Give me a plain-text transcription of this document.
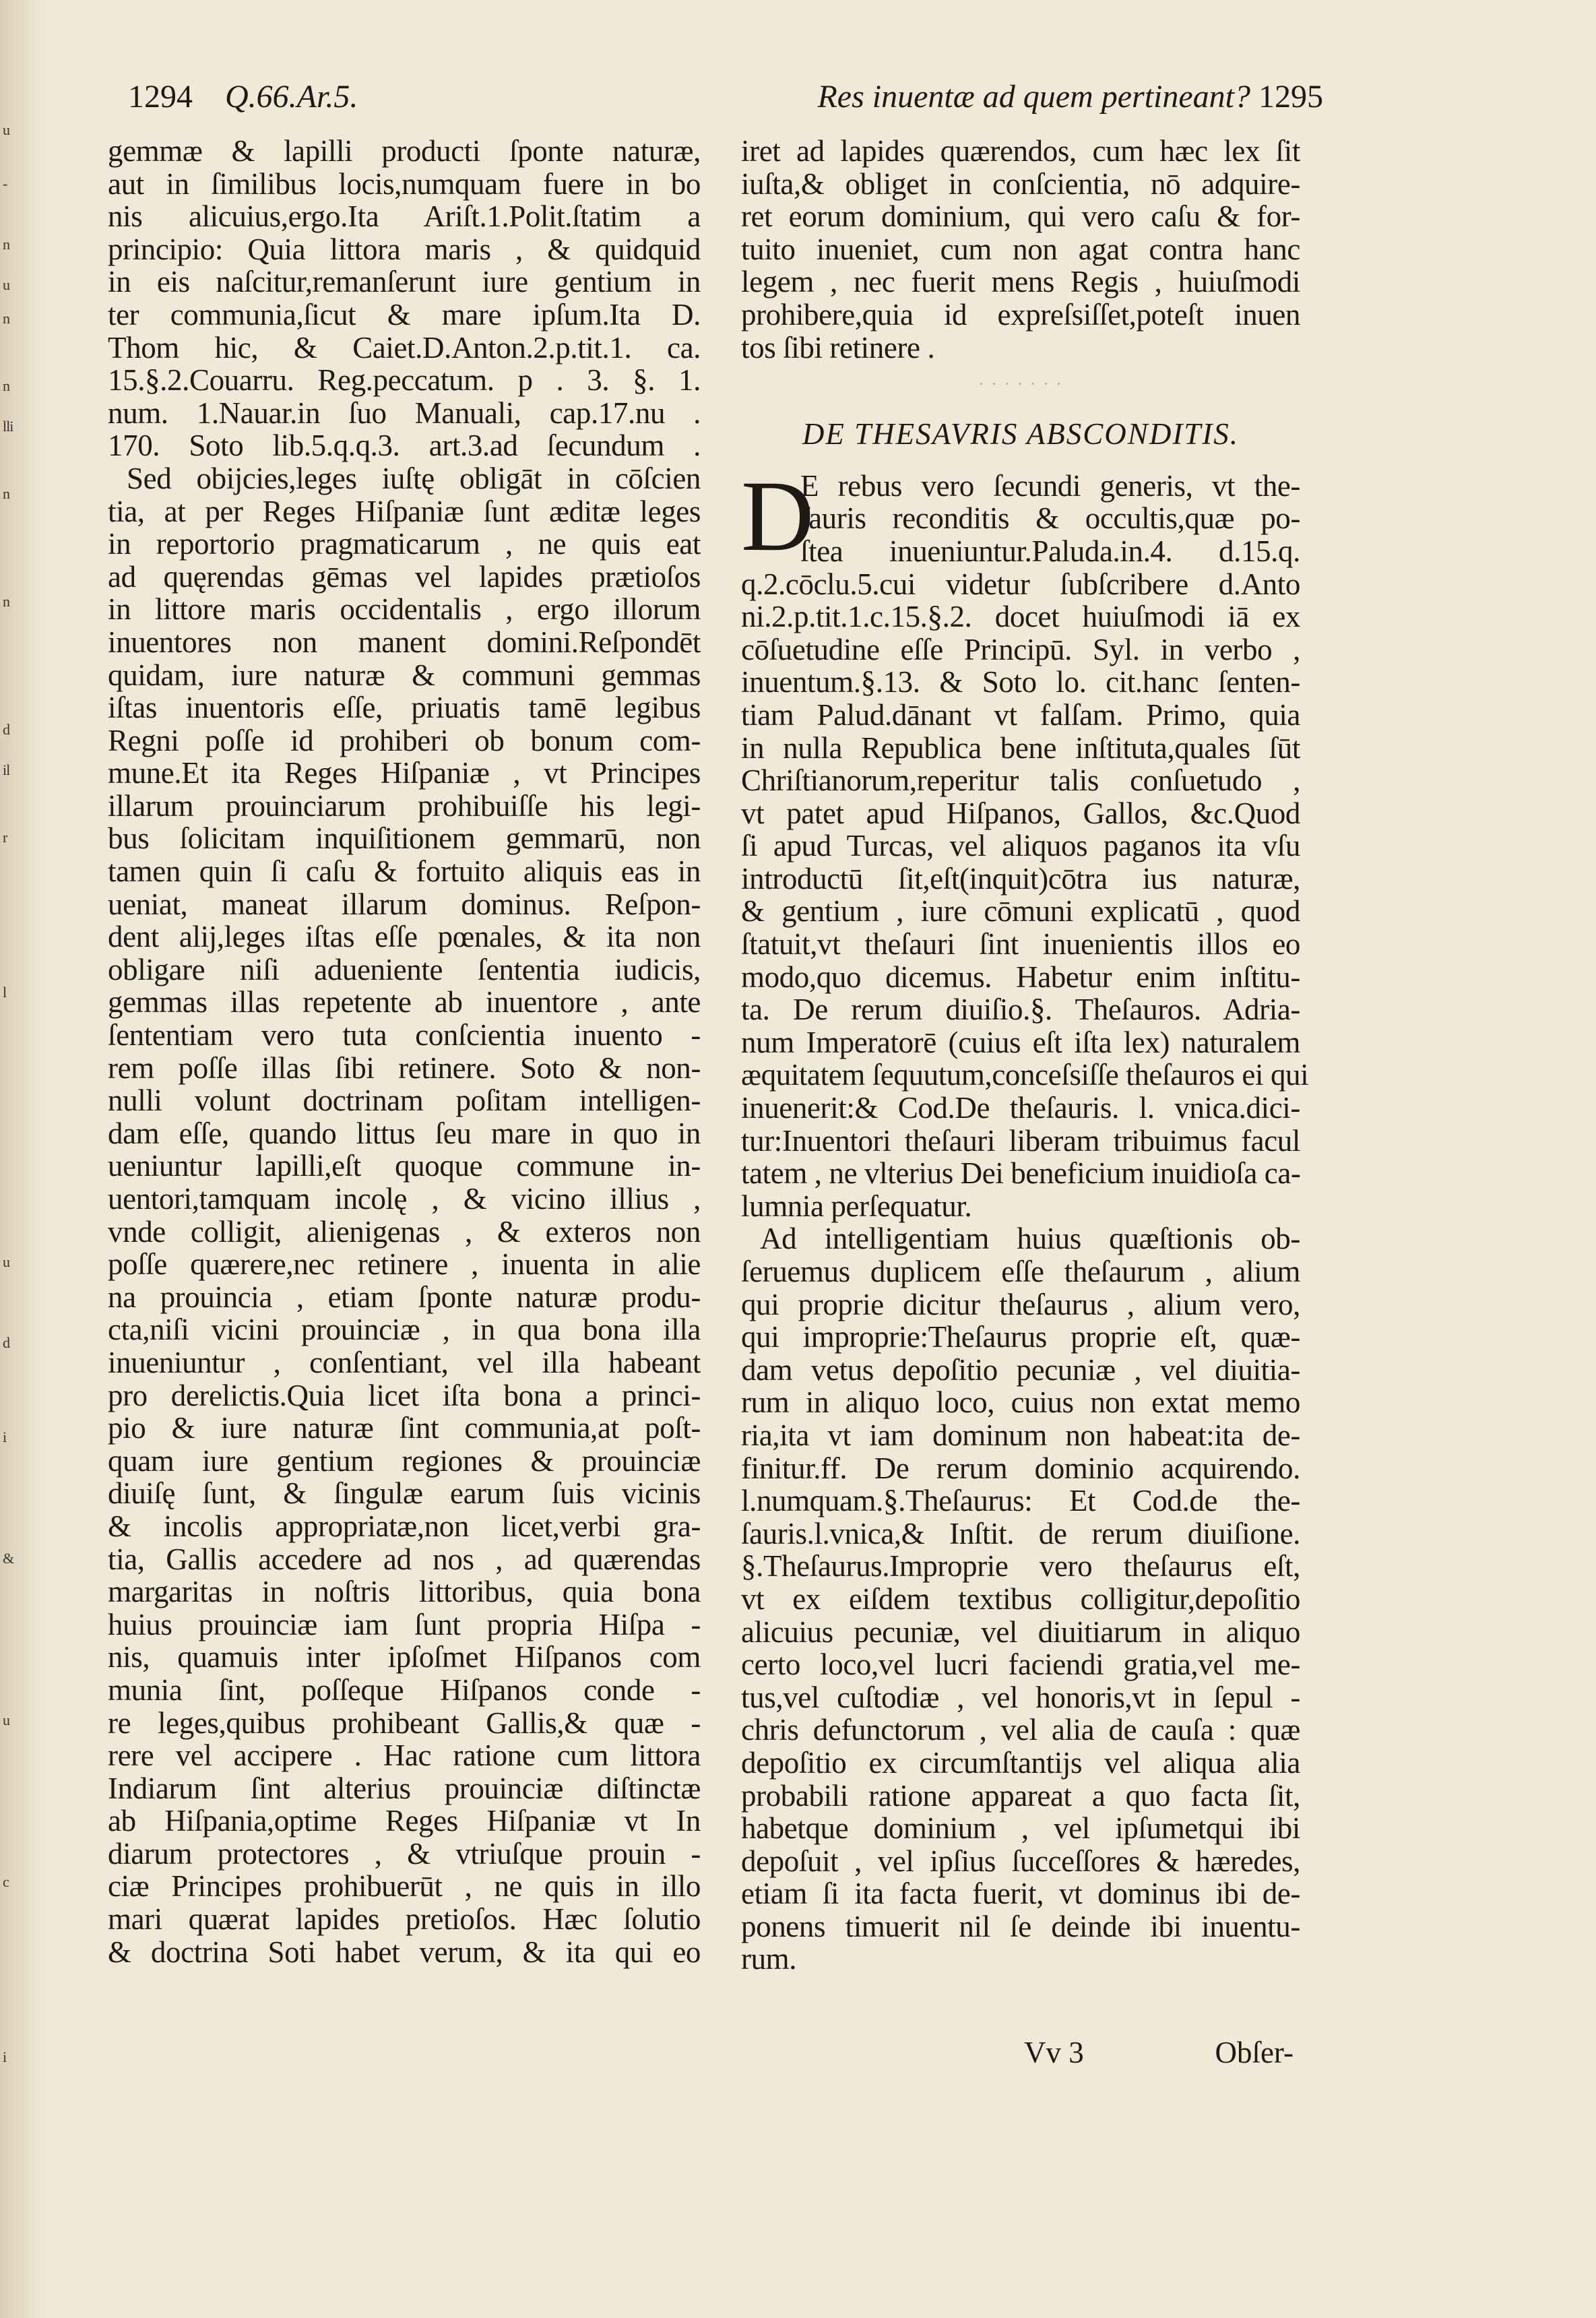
u
-
n
u
n
n
lli
n
n
d
il
r
l
u
d
i
&
u
c
i
1294 Q.66.Ar.5.	Res inuentæ ad quem pertineant? 1295
gemmæ & lapilli producti ſponte naturæ,
aut in ſimilibus locis,numquam fuere in bo
nis alicuius,ergo.Ita Ariſt.1.Polit.ſtatim a
principio: Quia littora maris , & quidquid
in eis naſcitur,remanſerunt iure gentium in
ter communia,ſicut & mare ipſum.Ita D.
Thom hic, & Caiet.D.Anton.2.p.tit.1. ca.
15.§.2.Couarru. Reg.peccatum. p . 3. §. 1.
num. 1.Nauar.in ſuo Manuali, cap.17.nu .
170. Soto lib.5.q.q.3. art.3.ad ſecundum .
Sed obijcies,leges iuſtę obligāt in cōſcien
tia, at per Reges Hiſpaniæ ſunt æditæ leges
in reportorio pragmaticarum , ne quis eat
ad quęrendas gēmas vel lapides prætioſos
in littore maris occidentalis , ergo illorum
inuentores non manent domini.Reſpondēt
quidam, iure naturæ & communi gemmas
iſtas inuentoris eſſe, priuatis tamē legibus
Regni poſſe id prohiberi ob bonum com-
mune.Et ita Reges Hiſpaniæ , vt Principes
illarum prouinciarum prohibuiſſe his legi-
bus ſolicitam inquiſitionem gemmarū, non
tamen quin ſi caſu & fortuito aliquis eas in
ueniat, maneat illarum dominus. Reſpon-
dent alij,leges iſtas eſſe pœnales, & ita non
obligare niſi adueniente ſententia iudicis,
gemmas illas repetente ab inuentore , ante
ſententiam vero tuta conſcientia inuento -
rem poſſe illas ſibi retinere. Soto & non-
nulli volunt doctrinam poſitam intelligen-
dam eſſe, quando littus ſeu mare in quo in
ueniuntur lapilli,eſt quoque commune in-
uentori,tamquam incolę , & vicino illius ,
vnde colligit, alienigenas , & exteros non
poſſe quærere,nec retinere , inuenta in alie
na prouincia , etiam ſponte naturæ produ-
cta,niſi vicini prouinciæ , in qua bona illa
inueniuntur , conſentiant, vel illa habeant
pro derelictis.Quia licet iſta bona a princi-
pio & iure naturæ ſint communia,at poſt-
quam iure gentium regiones & prouinciæ
diuiſę ſunt, & ſingulæ earum ſuis vicinis
& incolis appropriatæ,non licet,verbi gra-
tia, Gallis accedere ad nos , ad quærendas
margaritas in noſtris littoribus, quia bona
huius prouinciæ iam ſunt propria Hiſpa -
nis, quamuis inter ipſoſmet Hiſpanos com
munia ſint, poſſeque Hiſpanos conde -
re leges,quibus prohibeant Gallis,& quæ -
rere vel accipere . Hac ratione cum littora
Indiarum ſint alterius prouinciæ diſtinctæ
ab Hiſpania,optime Reges Hiſpaniæ vt In
diarum protectores , & vtriuſque prouin -
ciæ Principes prohibuerūt , ne quis in illo
mari quærat lapides pretioſos. Hæc ſolutio
& doctrina Soti habet verum, & ita qui eo
iret ad lapides quærendos, cum hæc lex ſit
iuſta,& obliget in conſcientia, nō adquire-
ret eorum dominium, qui vero caſu & for-
tuito inueniet, cum non agat contra hanc
legem , nec fuerit mens Regis , huiuſmodi
prohibere,quia id expreſsiſſet,poteſt inuen
tos ſibi retinere .
· · · · · · ·
DE THESAVRIS ABSCONDITIS.
D
E rebus vero ſecundi generis, vt the-
ſauris reconditis & occultis,quæ po-
ſtea inueniuntur.Paluda.in.4. d.15.q.
q.2.cōclu.5.cui videtur ſubſcribere d.Anto
ni.2.p.tit.1.c.15.§.2. docet huiuſmodi iā ex
cōſuetudine eſſe Principū. Syl. in verbo ,
inuentum.§.13. & Soto lo. cit.hanc ſenten-
tiam Palud.dānant vt falſam. Primo, quia
in nulla Republica bene inſtituta,quales ſūt
Chriſtianorum,reperitur talis conſuetudo ,
vt patet apud Hiſpanos, Gallos, &c.Quod
ſi apud Turcas, vel aliquos paganos ita vſu
introductū ſit,eſt(inquit)cōtra ius naturæ,
& gentium , iure cōmuni explicatū , quod
ſtatuit,vt theſauri ſint inuenientis illos eo
modo,quo dicemus. Habetur enim inſtitu-
ta. De rerum diuiſio.§. Theſauros. Adria-
num Imperatorē (cuius eſt iſta lex) naturalem
æquitatem ſequutum,conceſsiſſe theſauros ei qui
inuenerit:& Cod.De theſauris. l. vnica.dici-
tur:Inuentori theſauri liberam tribuimus facul
tatem , ne vlterius Dei beneficium inuidioſa ca-
lumnia perſequatur.
Ad intelligentiam huius quæſtionis ob-
ſeruemus duplicem eſſe theſaurum , alium
qui proprie dicitur theſaurus , alium vero,
qui improprie:Theſaurus proprie eſt, quæ-
dam vetus depoſitio pecuniæ , vel diuitia-
rum in aliquo loco, cuius non extat memo
ria,ita vt iam dominum non habeat:ita de-
finitur.ff. De rerum dominio acquirendo.
l.numquam.§.Theſaurus: Et Cod.de the-
ſauris.l.vnica,& Inſtit. de rerum diuiſione.
§.Theſaurus.Improprie vero theſaurus eſt,
vt ex eiſdem textibus colligitur,depoſitio
alicuius pecuniæ, vel diuitiarum in aliquo
certo loco,vel lucri faciendi gratia,vel me-
tus,vel cuſtodiæ , vel honoris,vt in ſepul -
chris defunctorum , vel alia de cauſa : quæ
depoſitio ex circumſtantijs vel aliqua alia
probabili ratione appareat a quo facta ſit,
habetque dominium , vel ipſumetqui ibi
depoſuit , vel ipſius ſucceſſores & hæredes,
etiam ſi ita facta fuerit, vt dominus ibi de-
ponens timuerit nil ſe deinde ibi inuentu-
rum.
Vv 3	Obſer-
